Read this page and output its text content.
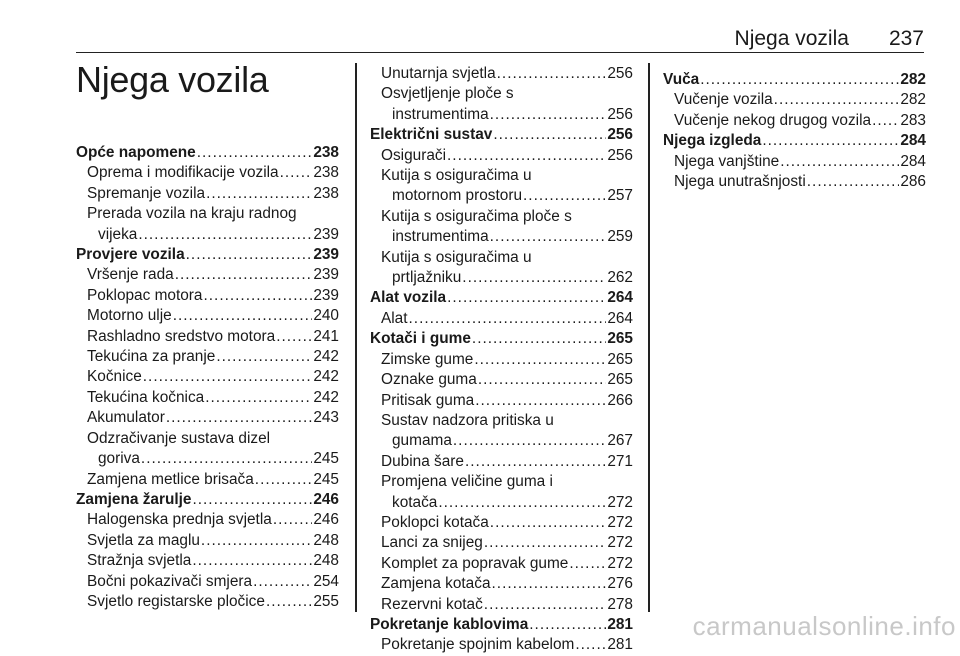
Njega vozila 237
Njega vozila
Opće napomene .....	238
Oprema i modifikacije vozila ..... 238
Spremanje vozila .....	238
Prerada vozila na kraju radnog
vijeka .....	239
Provjere vozila .....	239
Vršenje rada .....	239
Poklopac motora .....	239
Motorno ulje .....	240
Rashladno sredstvo motora ..... 241
Tekućina za pranje .....	242
Kočnice .....	242
Tekućina kočnica .....	242
Akumulator .....	243
Odzračivanje sustava dizel
goriva .....	245
Zamjena metlice brisača .....	245
Zamjena žarulje .....	246
Halogenska prednja svjetla .....	246
Svjetla za maglu .....	248
Stražnja svjetla .....	248
Bočni pokazivači smjera .....	254
Svjetlo registarske pločice .....	255
Unutarnja svjetla .....	256
Osvjetljenje ploče s
instrumentima .....	256
Električni sustav .....	256
Osigurači .....	256
Kutija s osiguračima u
motornom prostoru .....	257
Kutija s osiguračima ploče s
instrumentima .....	259
Kutija s osiguračima u
prtljažniku .....	262
Alat vozila .....	264
Alat .....	264
Kotači i gume .....	265
Zimske gume .....	265
Oznake guma .....	265
Pritisak guma .....	266
Sustav nadzora pritiska u
gumama .....	267
Dubina šare .....	271
Promjena veličine guma i
kotača .....	272
Poklopci kotača .....	272
Lanci za snijeg .....	272
Komplet za popravak gume .....	272
Zamjena kotača .....	276
Rezervni kotač .....	278
Pokretanje kablovima .....	281
Pokretanje spojnim kabelom ..... 281
Vuča .....	282
Vučenje vozila .....	282
Vučenje nekog drugog vozila ..... 283
Njega izgleda .....	284
Njega vanjštine .....	284
Njega unutrašnjosti .....	286
carmanualsonline.info
